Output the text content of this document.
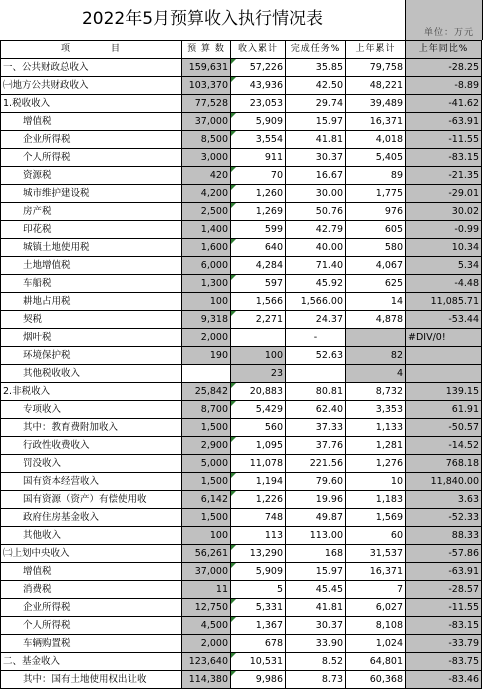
2022年5月预算收入执行情况表
单位：万元
项　　　　目	预 算 数	收入累计	完成任务%	上年累计	上年同比%
一、公共财政总收入	159,631	57,226	35.85	79,758	-28.25
㈠地方公共财政收入	103,370	43,936	42.50	48,221	-8.89
1.税收收入	77,528	23,053	29.74	39,489	-41.62
增值税	37,000	5,909	15.97	16,371	-63.91
企业所得税	8,500	3,554	41.81	4,018	-11.55
个人所得税	3,000	911	30.37	5,405	-83.15
资源税	420	70	16.67	89	-21.35
城市维护建设税	4,200	1,260	30.00	1,775	-29.01
房产税	2,500	1,269	50.76	976	30.02
印花税	1,400	599	42.79	605	-0.99
城镇土地使用税	1,600	640	40.00	580	10.34
土地增值税	6,000	4,284	71.40	4,067	5.34
车船税	1,300	597	45.92	625	-4.48
耕地占用税	100	1,566	1,566.00	14	11,085.71
契税	9,318	2,271	24.37	4,878	-53.44
烟叶税	2,000		-		#DIV/0!
环境保护税	190	100	52.63	82	
其他税收收入		23		4	
2.非税收入	25,842	20,883	80.81	8,732	139.15
专项收入	8,700	5,429	62.40	3,353	61.91
其中：教育费附加收入	1,500	560	37.33	1,133	-50.57
行政性收费收入	2,900	1,095	37.76	1,281	-14.52
罚没收入	5,000	11,078	221.56	1,276	768.18
国有资本经营收入	1,500	1,194	79.60	10	11,840.00
国有资源（资产）有偿使用收	6,142	1,226	19.96	1,183	3.63
政府住房基金收入	1,500	748	49.87	1,569	-52.33
其他收入	100	113	113.00	60	88.33
㈡上划中央收入	56,261	13,290	168	31,537	-57.86
增值税	37,000	5,909	15.97	16,371	-63.91
消费税	11	5	45.45	7	-28.57
企业所得税	12,750	5,331	41.81	6,027	-11.55
个人所得税	4,500	1,367	30.37	8,108	-83.15
车辆购置税	2,000	678	33.90	1,024	-33.79
二、基金收入	123,640	10,531	8.52	64,801	-83.75
其中：国有土地使用权出让收	114,380	9,986	8.73	60,368	-83.46
